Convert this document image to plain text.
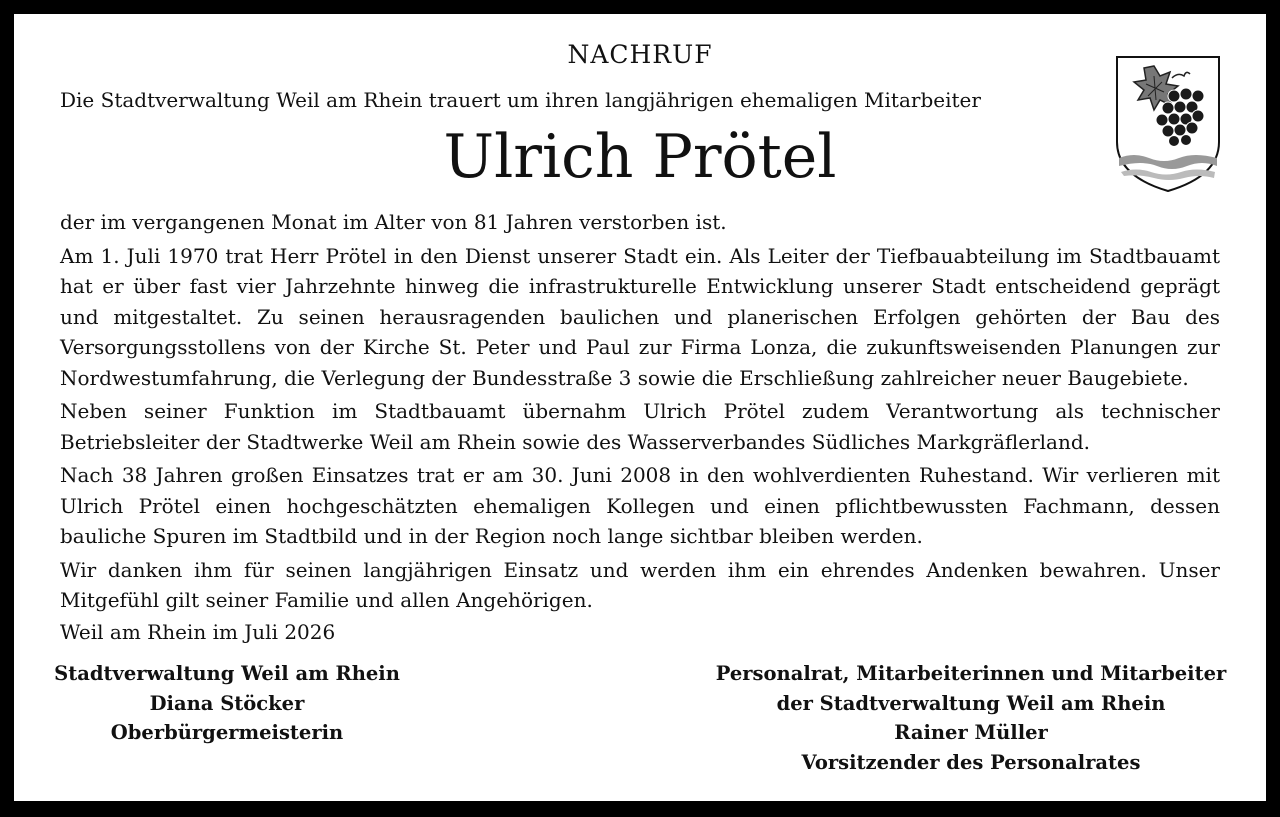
NACHRUF
Die Stadtverwaltung Weil am Rhein trauert um ihren langjährigen ehemaligen Mitarbeiter
Ulrich Prötel

der im vergangenen Monat im Alter von 81 Jahren verstorben ist.

Am 1. Juli 1970 trat Herr Prötel in den Dienst unserer Stadt ein. Als Leiter der Tiefbauabteilung im Stadtbauamt hat er über fast vier Jahrzehnte hinweg die infrastrukturelle Entwicklung unserer Stadt entscheidend geprägt und mitgestaltet. Zu seinen herausragenden baulichen und planerischen Erfolgen gehörten der Bau des Versorgungsstollens von der Kirche St. Peter und Paul zur Firma Lonza, die zukunftsweisenden Planungen zur Nordwestumfahrung, die Verlegung der Bundesstraße 3 sowie die Erschließung zahlreicher neuer Baugebiete.

Neben seiner Funktion im Stadtbauamt übernahm Ulrich Prötel zudem Verantwortung als technischer Betriebsleiter der Stadtwerke Weil am Rhein sowie des Wasserverbandes Südliches Markgräflerland.

Nach 38 Jahren großen Einsatzes trat er am 30. Juni 2008 in den wohlverdienten Ruhestand. Wir verlieren mit Ulrich Prötel einen hochgeschätzten ehemaligen Kollegen und einen pflichtbewussten Fachmann, dessen bauliche Spuren im Stadtbild und in der Region noch lange sichtbar bleiben werden.

Wir danken ihm für seinen langjährigen Einsatz und werden ihm ein ehrendes Andenken bewahren. Unser Mitgefühl gilt seiner Familie und allen Angehörigen.

Weil am Rhein im Juli 2026
Stadtverwaltung Weil am Rhein
Diana Stöcker
Oberbürgermeisterin
Personalrat, Mitarbeiterinnen und Mitarbeiter
der Stadtverwaltung Weil am Rhein
Rainer Müller
Vorsitzender des Personalrates
